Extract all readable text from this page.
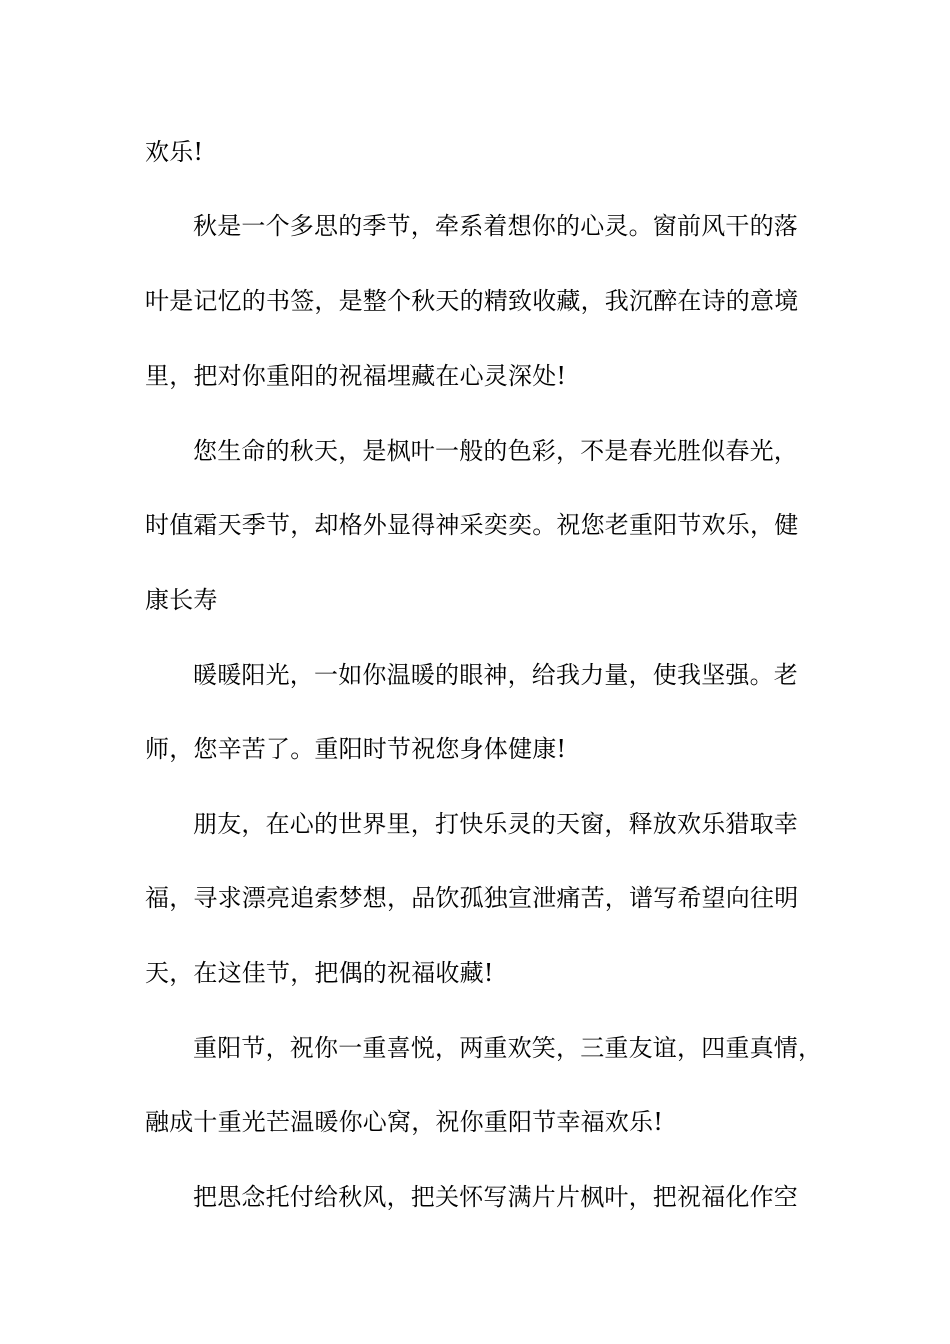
欢乐!
秋是一个多思的季节，牵系着想你的心灵。窗前风干的落
叶是记忆的书签，是整个秋天的精致收藏，我沉醉在诗的意境
里，把对你重阳的祝福埋藏在心灵深处!
您生命的秋天，是枫叶一般的色彩，不是春光胜似春光，
时值霜天季节，却格外显得神采奕奕。祝您老重阳节欢乐，健
康长寿
暖暖阳光，一如你温暖的眼神，给我力量，使我坚强。老
师，您辛苦了。重阳时节祝您身体健康!
朋友，在心的世界里，打快乐灵的天窗，释放欢乐猎取幸
福，寻求漂亮追索梦想，品饮孤独宣泄痛苦，谱写希望向往明
天，在这佳节，把偶的祝福收藏!
重阳节，祝你一重喜悦，两重欢笑，三重友谊，四重真情，
融成十重光芒温暖你心窝，祝你重阳节幸福欢乐!
把思念托付给秋风，把关怀写满片片枫叶，把祝福化作空
